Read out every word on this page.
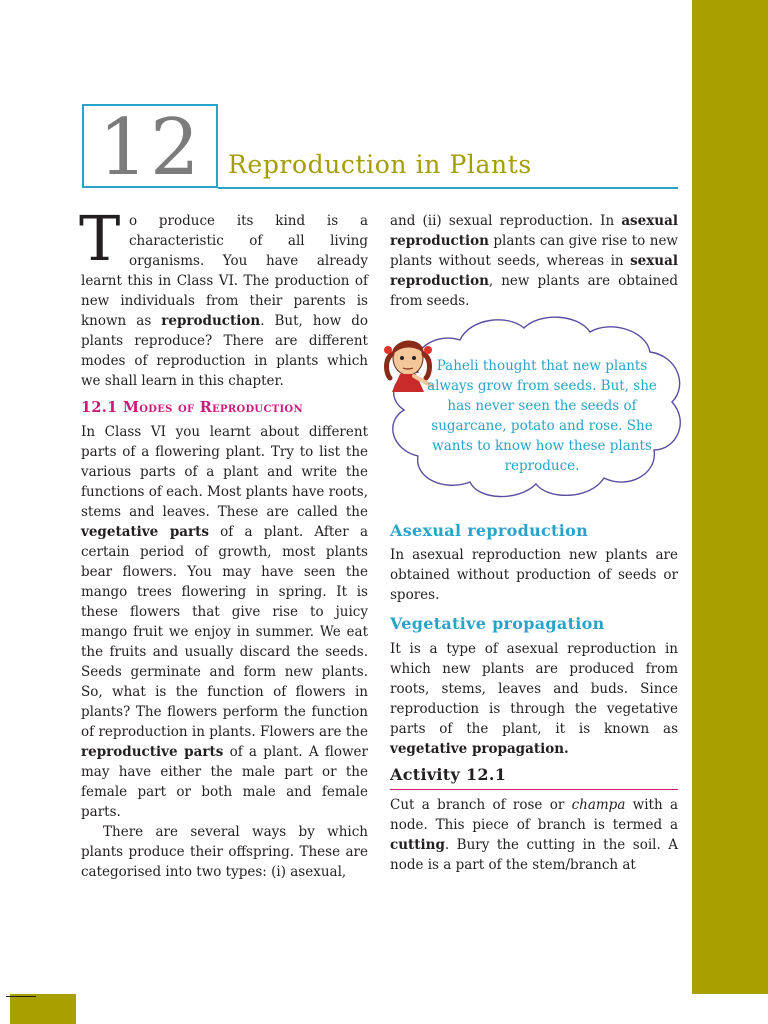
12	Reproduction in Plants

To produce its kind is a characteristic of all living organisms. You have already learnt this in Class VI. The production of new individuals from their parents is known as reproduction. But, how do plants reproduce? There are different modes of reproduction in plants which we shall learn in this chapter.

12.1 Modes of Reproduction

In Class VI you learnt about different parts of a flowering plant. Try to list the various parts of a plant and write the functions of each. Most plants have roots, stems and leaves. These are called the vegetative parts of a plant. After a certain period of growth, most plants bear flowers. You may have seen the mango trees flowering in spring. It is these flowers that give rise to juicy mango fruit we enjoy in summer. We eat the fruits and usually discard the seeds. Seeds germinate and form new plants. So, what is the function of flowers in plants? The flowers perform the function of reproduction in plants. Flowers are the reproductive parts of a plant. A flower may have either the male part or the female part or both male and female parts.

There are several ways by which plants produce their offspring. These are categorised into two types: (i) asexual,

and (ii) sexual reproduction. In asexual reproduction plants can give rise to new plants without seeds, whereas in sexual reproduction, new plants are obtained from seeds.

Paheli thought that new plants always grow from seeds. But, she has never seen the seeds of sugarcane, potato and rose. She wants to know how these plants reproduce.

Asexual reproduction

In asexual reproduction new plants are obtained without production of seeds or spores.

Vegetative propagation

It is a type of asexual reproduction in which new plants are produced from roots, stems, leaves and buds. Since reproduction is through the vegetative parts of the plant, it is known as vegetative propagation.

Activity 12.1

Cut a branch of rose or champa with a node. This piece of branch is termed a cutting. Bury the cutting in the soil. A node is a part of the stem/branch at
